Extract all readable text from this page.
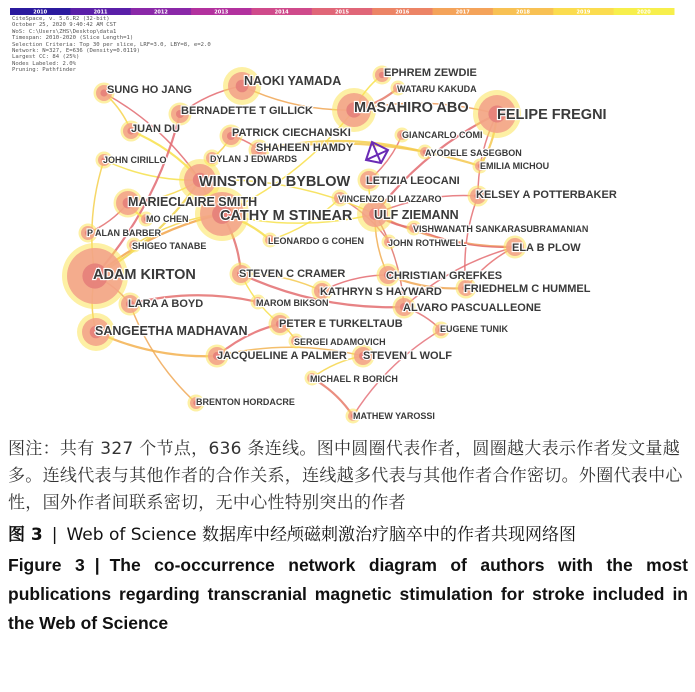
2010	2011	2012	2013	2014	2015	2016	2017	2018	2019	2020
SUNG HO JANG
NAOKI YAMADA
EPHREM ZEWDIE
WATARU KAKUDA
BERNADETTE T GILLICK	MASAHIRO ABO FELIPE FREGNI
JUAN DU	PATRICK CIECHANSKI	GIANCARLO COMI
SHAHEEN HAMDY	AYODELE SASEGBON
JOHN CIRILLO	DYLAN J EDWARDS
EMILIA MICHOU
WINSTON D BYBLOW LETIZIA LEOCANI
KELSEY A POTTERBAKER
MARIECLAIRE SMITH	VINCENZO DI LAZZARO
MO CHEN CATHY M STINEAR ULF ZIEMANN
VISHWANATH SANKARASUBRAMANIAN
P ALAN BARBER
LEONARDO G COHEN	JOHN ROTHWELL
SHIGEO TANABE	ELA B PLOW
ADAM KIRTON	STEVEN C CRAMER	CHRISTIAN GREFKES
FRIEDHELM C HUMMEL
KATHRYN S HAYWARD
LARA A BOYD	MAROM BIKSON	ALVARO PASCUALLEONE
PETER E TURKELTAUB
SANGEETHA MADHAVAN	EUGENE TUNIK
SERGEI ADAMOVICH
JACQUELINE A PALMER STEVEN L WOLF
MICHAEL R BORICH
BRENTON HORDACRE
MATHEW YAROSSI
CiteSpace, v. 5.6.R2 (32-bit)
October 25, 2020 9:40:42 AM CST
WoS: C:\Users\ZHS\Desktop\data1
Timespan: 2010-2020 (Slice Length=1)
Selection Criteria: Top 30 per slice, LRF=3.0, LBY=8, e=2.0
Network: N=327, E=636 (Density=0.0119)
Largest CC: 84 (25%)
Nodes Labeled: 2.0%
Pruning: Pathfinder

图注：共有 327 个节点，636 条连线。图中圆圈代表作者，圆圈越大表示作者发文量越多。连线代表与其他作者的合作关系，连线越多代表与其他作者合作密切。外圈代表中心性，国外作者间联系密切，无中心性特别突出的作者

图 3 | Web of Science 数据库中经颅磁刺激治疗脑卒中的作者共现网络图

Figure 3 | The co-occurrence network diagram of authors with the most publications regarding transcranial magnetic stimulation for stroke included in the Web of Science
